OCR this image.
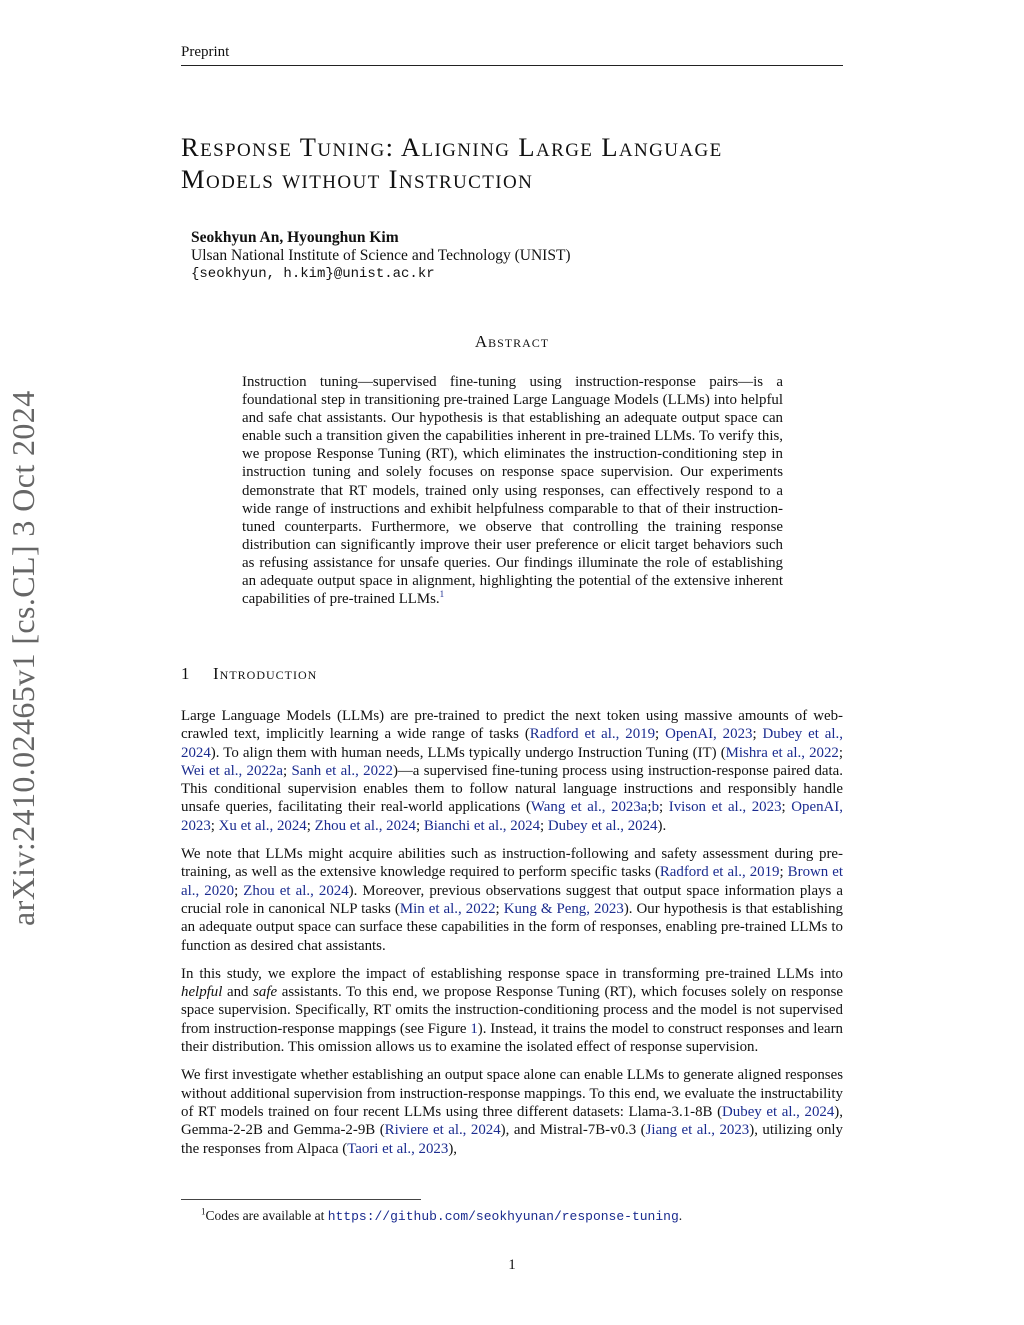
Preprint
Response Tuning: Aligning Large Language
Models without Instruction
Seokhyun An, Hyounghun Kim
Ulsan National Institute of Science and Technology (UNIST)
{seokhyun, h.kim}@unist.ac.kr
Abstract
Instruction tuning—supervised fine-tuning using instruction-response pairs—is a foundational step in transitioning pre-trained Large Language Models (LLMs) into helpful and safe chat assistants. Our hypothesis is that establishing an adequate output space can enable such a transition given the capabilities inherent in pre-trained LLMs. To verify this, we propose Response Tuning (RT), which eliminates the instruction-conditioning step in instruction tuning and solely focuses on response space supervision. Our experiments demonstrate that RT models, trained only using responses, can effectively respond to a wide range of instructions and exhibit helpfulness comparable to that of their instruction-tuned counterparts. Furthermore, we observe that controlling the training response distribution can significantly improve their user preference or elicit target behaviors such as refusing assistance for unsafe queries. Our findings illuminate the role of establishing an adequate output space in alignment, highlighting the potential of the extensive inherent capabilities of pre-trained LLMs.$^1$
arXiv:2410.02465v1 [cs.CL] 3 Oct 2024	1 Introduction

Large Language Models (LLMs) are pre-trained to predict the next token using massive amounts of web-crawled text, implicitly learning a wide range of tasks (Radford et al., 2019; OpenAI, 2023; Dubey et al., 2024). To align them with human needs, LLMs typically undergo Instruction Tuning (IT) (Mishra et al., 2022; Wei et al., 2022a; Sanh et al., 2022)—a supervised fine-tuning process using instruction-response paired data. This conditional supervision enables them to follow natural language instructions and responsibly handle unsafe queries, facilitating their real-world applications (Wang et al., 2023a;b; Ivison et al., 2023; OpenAI, 2023; Xu et al., 2024; Zhou et al., 2024; Bianchi et al., 2024; Dubey et al., 2024).

We note that LLMs might acquire abilities such as instruction-following and safety assessment during pre-training, as well as the extensive knowledge required to perform specific tasks (Radford et al., 2019; Brown et al., 2020; Zhou et al., 2024). Moreover, previous observations suggest that output space information plays a crucial role in canonical NLP tasks (Min et al., 2022; Kung & Peng, 2023). Our hypothesis is that establishing an adequate output space can surface these capabilities in the form of responses, enabling pre-trained LLMs to function as desired chat assistants.

In this study, we explore the impact of establishing response space in transforming pre-trained LLMs into helpful and safe assistants. To this end, we propose Response Tuning (RT), which focuses solely on response space supervision. Specifically, RT omits the instruction-conditioning process and the model is not supervised from instruction-response mappings (see Figure 1). Instead, it trains the model to construct responses and learn their distribution. This omission allows us to examine the isolated effect of response supervision.

We first investigate whether establishing an output space alone can enable LLMs to generate aligned responses without additional supervision from instruction-response mappings. To this end, we evaluate the instructability of RT models trained on four recent LLMs using three different datasets: Llama-3.1-8B (Dubey et al., 2024), Gemma-2-2B and Gemma-2-9B (Riviere et al., 2024), and Mistral-7B-v0.3 (Jiang et al., 2023), utilizing only the responses from Alpaca (Taori et al., 2023),

$^1$Codes are available at https://github.com/seokhyunan/response-tuning.
1
